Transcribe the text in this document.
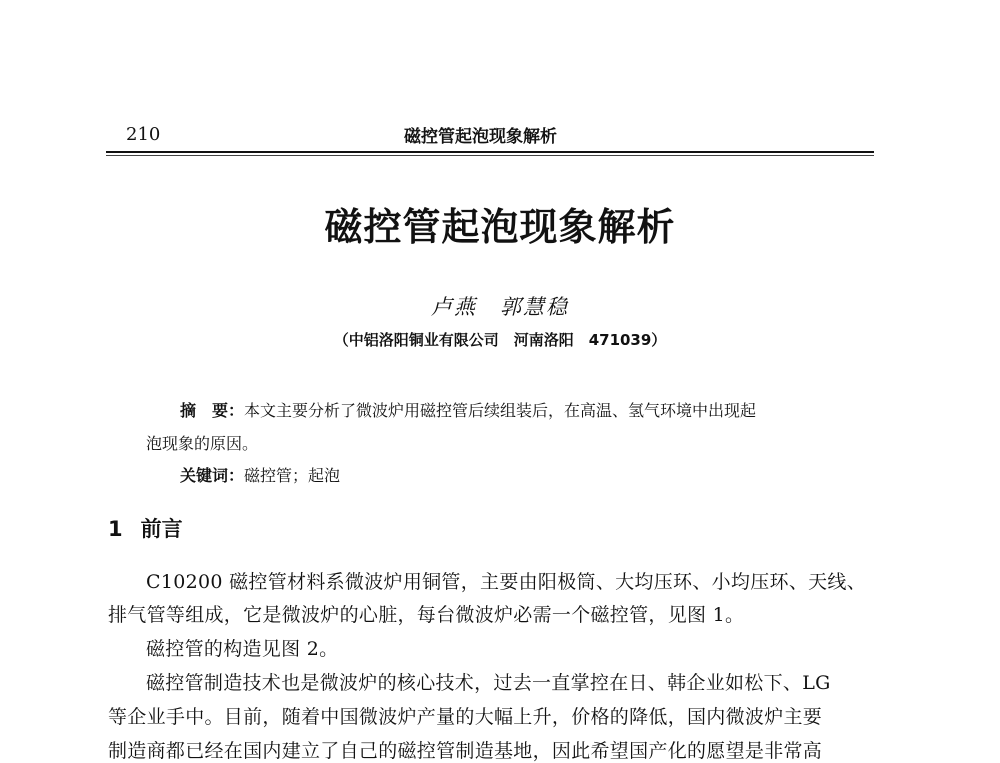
210	磁控管起泡现象解析
磁控管起泡现象解析
卢燕　郭慧稳
（中铝洛阳铜业有限公司　河南洛阳　471039）
摘　要：本文主要分析了微波炉用磁控管后续组装后，在高温、氢气环境中出现起
泡现象的原因。
关键词：磁控管；起泡
1 前言
C10200 磁控管材料系微波炉用铜管，主要由阳极筒、大均压环、小均压环、天线、
排气管等组成，它是微波炉的心脏，每台微波炉必需一个磁控管，见图 1。
磁控管的构造见图 2。
磁控管制造技术也是微波炉的核心技术，过去一直掌控在日、韩企业如松下、LG
等企业手中。目前，随着中国微波炉产量的大幅上升，价格的降低，国内微波炉主要
制造商都已经在国内建立了自己的磁控管制造基地，因此希望国产化的愿望是非常高
